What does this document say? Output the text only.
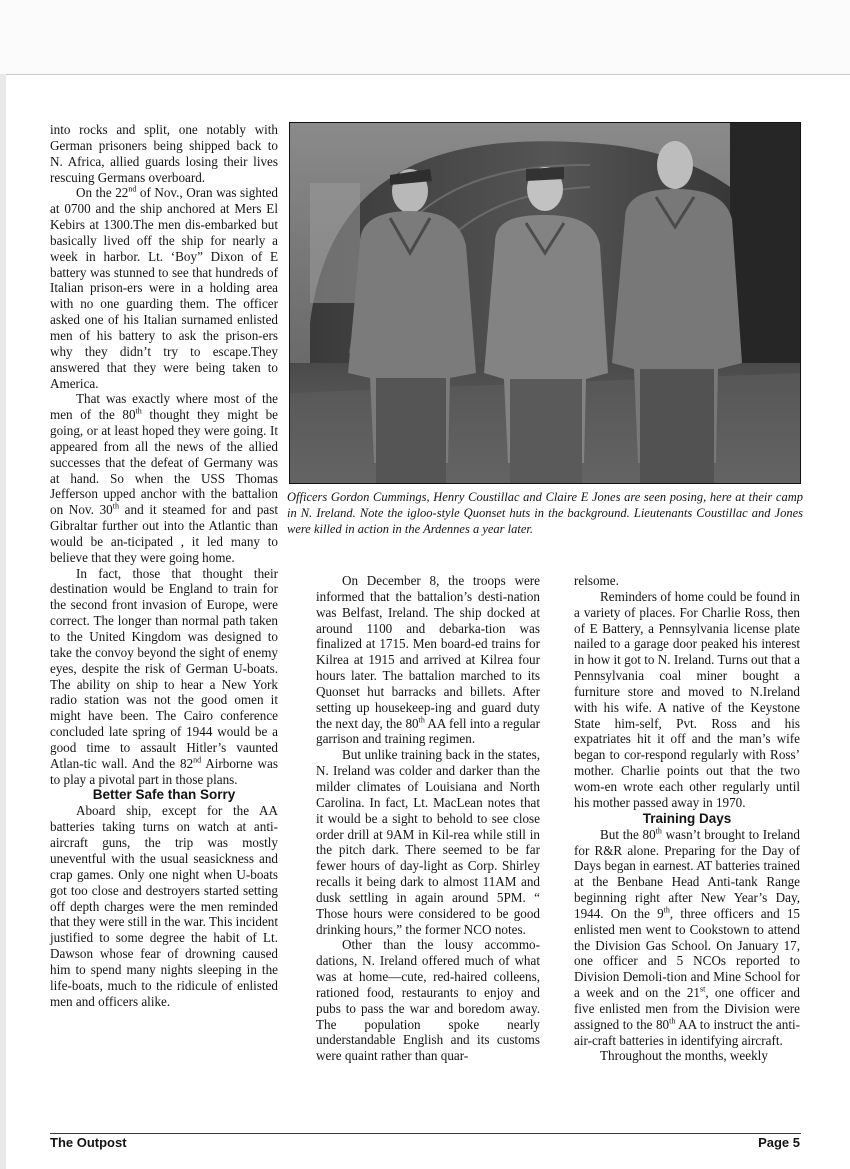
into rocks and split, one notably with German prisoners being shipped back to N. Africa, allied guards losing their lives rescuing Germans overboard.

On the 22nd of Nov., Oran was sighted at 0700 and the ship anchored at Mers El Kebirs at 1300.The men dis-embarked but basically lived off the ship for nearly a week in harbor. Lt. ‘Boy” Dixon of E battery was stunned to see that hundreds of Italian prison-ers were in a holding area with no one guarding them. The officer asked one of his Italian surnamed enlisted men of his battery to ask the prison-ers why they didn’t try to escape.They answered that they were being taken to America.

That was exactly where most of the men of the 80th thought they might be going, or at least hoped they were going. It appeared from all the news of the allied successes that the defeat of Germany was at hand. So when the USS Thomas Jefferson upped anchor with the battalion on Nov. 30th and it steamed for and past Gibraltar further out into the Atlantic than would be an-ticipated , it led many to believe that they were going home.

In fact, those that thought their destination would be England to train for the second front invasion of Europe, were correct. The longer than normal path taken to the United Kingdom was designed to take the convoy beyond the sight of enemy eyes, despite the risk of German U-boats. The ability on ship to hear a New York radio station was not the good omen it might have been. The Cairo conference concluded late spring of 1944 would be a good time to assault Hitler’s vaunted Atlan-tic wall. And the 82nd Airborne was to play a pivotal part in those plans.

Better Safe than Sorry

Aboard ship, except for the AA batteries taking turns on watch at anti-aircraft guns, the trip was mostly uneventful with the usual seasickness and crap games. Only one night when U-boats got too close and destroyers started setting off depth charges were the men reminded that they were still in the war. This incident justified to some degree the habit of Lt. Dawson whose fear of drowning caused him to spend many nights sleeping in the life-boats, much to the ridicule of enlisted men and officers alike.

Officers Gordon Cummings, Henry Coustillac and Claire E Jones are seen posing, here at their camp in N. Ireland. Note the igloo-style Quonset huts in the background. Lieutenants Coustillac and Jones were killed in action in the Ardennes a year later.

On December 8, the troops were informed that the battalion’s desti-nation was Belfast, Ireland. The ship docked at around 1100 and debarka-tion was finalized at 1715. Men board-ed trains for Kilrea at 1915 and arrived at Kilrea four hours later. The battalion marched to its Quonset hut barracks and billets. After setting up housekeep-ing and guard duty the next day, the 80th AA fell into a regular garrison and training regimen.

But unlike training back in the states, N. Ireland was colder and darker than the milder climates of Louisiana and North Carolina. In fact, Lt. MacLean notes that it would be a sight to behold to see close order drill at 9AM in Kil-rea while still in the pitch dark. There seemed to be far fewer hours of day-light as Corp. Shirley recalls it being dark to almost 11AM and dusk settling in again around 5PM. “ Those hours were considered to be good drinking hours,” the former NCO notes.

Other than the lousy accommo-dations, N. Ireland offered much of what was at home—cute, red-haired colleens, rationed food, restaurants to enjoy and pubs to pass the war and boredom away. The population spoke nearly understandable English and its customs were quaint rather than quar-

relsome.

Reminders of home could be found in a variety of places. For Charlie Ross, then of E Battery, a Pennsylvania license plate nailed to a garage door peaked his interest in how it got to N. Ireland. Turns out that a Pennsylvania coal miner bought a furniture store and moved to N.Ireland with his wife. A native of the Keystone State him-self, Pvt. Ross and his expatriates hit it off and the man’s wife began to cor-respond regularly with Ross’ mother. Charlie points out that the two wom-en wrote each other regularly until his mother passed away in 1970.

Training Days

But the 80th wasn’t brought to Ireland for R&R alone. Preparing for the Day of Days began in earnest. AT batteries trained at the Benbane Head Anti-tank Range beginning right after New Year’s Day, 1944. On the 9th, three officers and 15 enlisted men went to Cookstown to attend the Division Gas School. On January 17, one officer and 5 NCOs reported to Division Demoli-tion and Mine School for a week and on the 21st, one officer and five enlisted men from the Division were assigned to the 80th AA to instruct the anti-air-craft batteries in identifying aircraft.

Throughout the months, weekly

The Outpost	Page 5
